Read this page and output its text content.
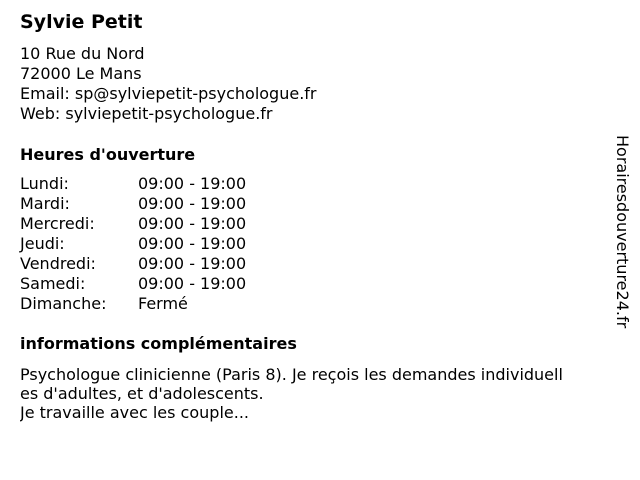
Sylvie Petit
10 Rue du Nord
72000 Le Mans
Email: sp@sylviepetit-psychologue.fr
Web: sylviepetit-psychologue.fr
Heures d'ouverture
Lundi:	09:00 - 19:00
Mardi:	09:00 - 19:00
Mercredi:	09:00 - 19:00
Jeudi:	09:00 - 19:00
Vendredi:	09:00 - 19:00
Samedi:	09:00 - 19:00
Dimanche:	Fermé
informations complémentaires
Psychologue clinicienne (Paris 8). Je reçois les demandes individuell
es d'adultes, et d'adolescents.
Je travaille avec les couple...
Horairesdouverture24.fr
